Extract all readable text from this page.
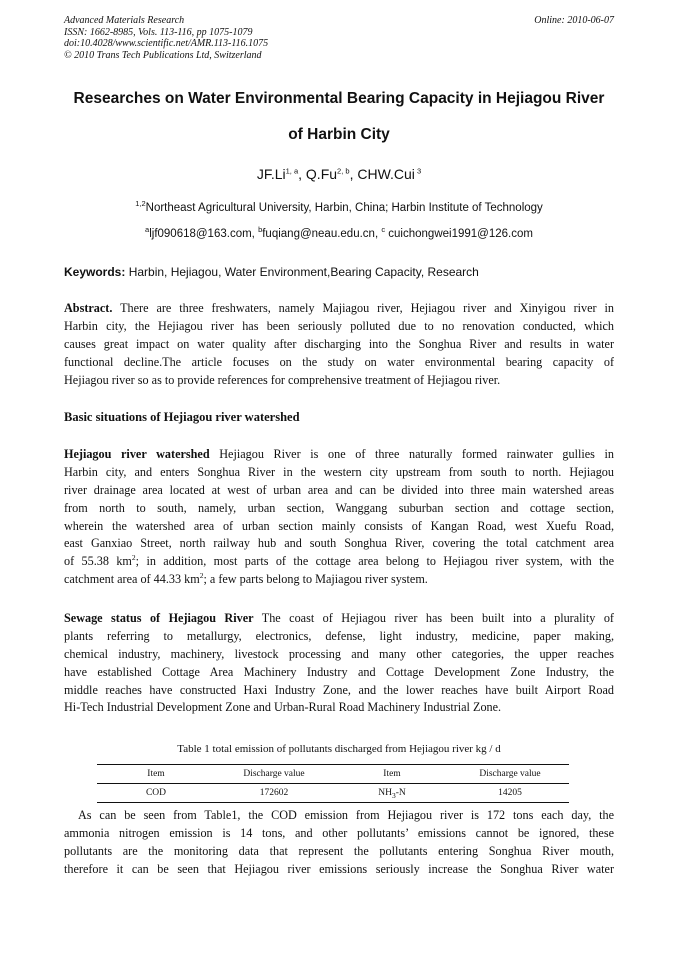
Advanced Materials Research
ISSN: 1662-8985, Vols. 113-116, pp 1075-1079
doi:10.4028/www.scientific.net/AMR.113-116.1075
© 2010 Trans Tech Publications Ltd, Switzerland
Online: 2010-06-07
Researches on Water Environmental Bearing Capacity in Hejiagou River
of Harbin City
JF.Li$^{1, a}$, Q.Fu$^{2, b}$, CHW.Cui $^3$
$^{1,2}$Northeast Agricultural University, Harbin, China; Harbin Institute of Technology
$^a$ljf090618@163.com, $^b$fuqiang@neau.edu.cn, $^c$ cuichongwei1991@126.com
Keywords: Harbin, Hejiagou, Water Environment,Bearing Capacity, Research
Abstract. There are three freshwaters, namely Majiagou river, Hejiagou river and Xinyigou river in
Harbin city, the Hejiagou river has been seriously polluted due to no renovation conducted, which
causes great impact on water quality after discharging into the Songhua River and results in water
functional decline.The article focuses on the study on water environmental bearing capacity of
Hejiagou river so as to provide references for comprehensive treatment of Hejiagou river.
Basic situations of Hejiagou river watershed
Hejiagou river watershed Hejiagou River is one of three naturally formed rainwater gullies in
Harbin city, and enters Songhua River in the western city upstream from south to north. Hejiagou
river drainage area located at west of urban area and can be divided into three main watershed areas
from north to south, namely, urban section, Wanggang suburban section and cottage section,
wherein the watershed area of urban section mainly consists of Kangan Road, west Xuefu Road,
east Ganxiao Street, north railway hub and south Songhua River, covering the total catchment area
of 55.38 $km^2$; in addition, most parts of the cottage area belong to Hejiagou river system, with the
catchment area of 44.33 $km^2$; a few parts belong to Majiagou river system.
Sewage status of Hejiagou River The coast of Hejiagou river has been built into a plurality of
plants referring to metallurgy, electronics, defense, light industry, medicine, paper making,
chemical industry, machinery, livestock processing and many other categories, the upper reaches
have established Cottage Area Machinery Industry and Cottage Development Zone Industry, the
middle reaches have constructed Haxi Industry Zone, and the lower reaches have built Airport Road
Hi-Tech Industrial Development Zone and Urban-Rural Road Machinery Industrial Zone.
Table 1 total emission of pollutants discharged from Hejiagou river kg / d
Item	Discharge value	Item	Discharge value
COD	172602	$NH_3-N$	14205
As can be seen from Table1, the COD emission from Hejiagou river is 172 tons each day, the
ammonia nitrogen emission is 14 tons, and other pollutants’ emissions cannot be ignored, these
pollutants are the monitoring data that represent the pollutants entering Songhua River mouth,
therefore it can be seen that Hejiagou river emissions seriously increase the Songhua River water
